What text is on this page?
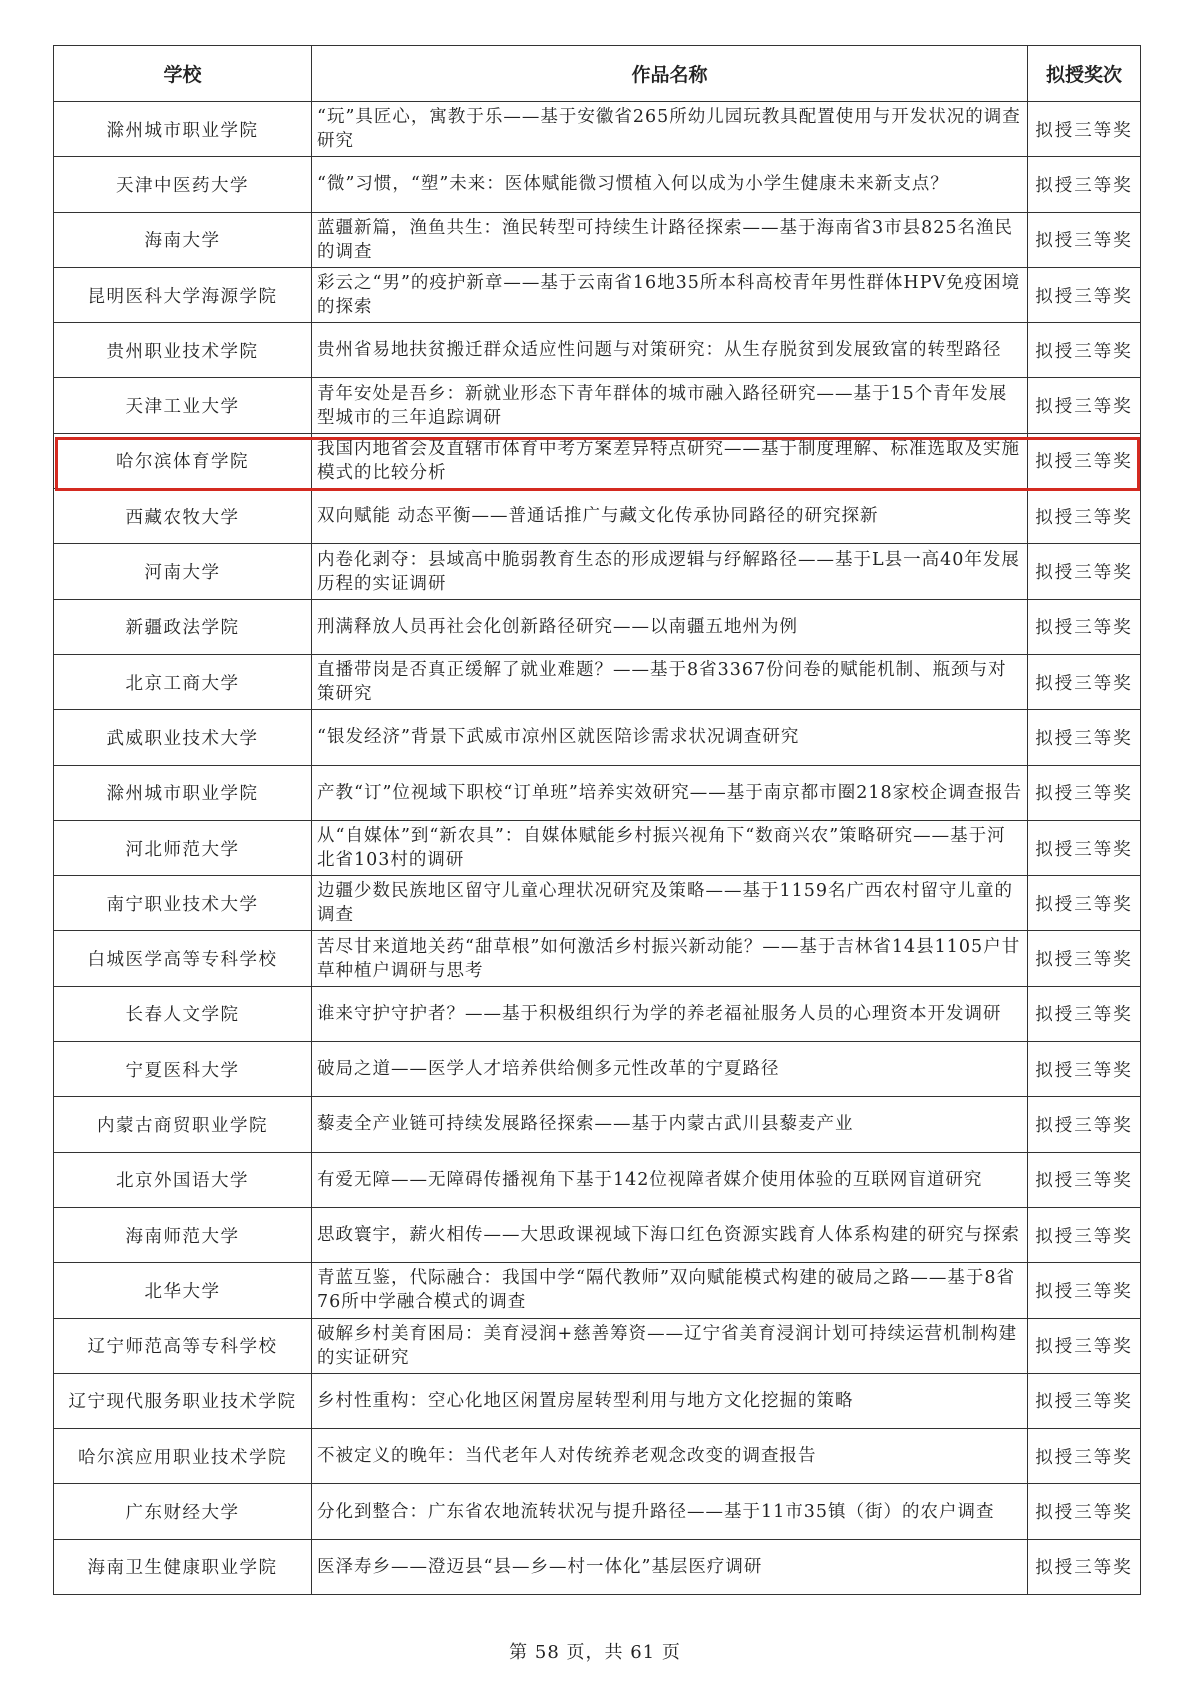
学校	作品名称	拟授奖次
滁州城市职业学院	“玩”具匠心，寓教于乐——基于安徽省265所幼儿园玩教具配置使用与开发状况的调查研究	拟授三等奖
天津中医药大学	“微”习惯，“塑”未来：医体赋能微习惯植入何以成为小学生健康未来新支点？	拟授三等奖
海南大学	蓝疆新篇，渔鱼共生：渔民转型可持续生计路径探索——基于海南省3市县825名渔民的调查	拟授三等奖
昆明医科大学海源学院	彩云之“男”的疫护新章——基于云南省16地35所本科高校青年男性群体HPV免疫困境的探索	拟授三等奖
贵州职业技术学院	贵州省易地扶贫搬迁群众适应性问题与对策研究：从生存脱贫到发展致富的转型路径	拟授三等奖
天津工业大学	青年安处是吾乡：新就业形态下青年群体的城市融入路径研究——基于15个青年发展型城市的三年追踪调研	拟授三等奖
哈尔滨体育学院	我国内地省会及直辖市体育中考方案差异特点研究——基于制度理解、标准选取及实施模式的比较分析	拟授三等奖
西藏农牧大学	双向赋能 动态平衡——普通话推广与藏文化传承协同路径的研究探新	拟授三等奖
河南大学	内卷化剥夺：县域高中脆弱教育生态的形成逻辑与纾解路径——基于L县一高40年发展历程的实证调研	拟授三等奖
新疆政法学院	刑满释放人员再社会化创新路径研究——以南疆五地州为例	拟授三等奖
北京工商大学	直播带岗是否真正缓解了就业难题？——基于8省3367份问卷的赋能机制、瓶颈与对策研究	拟授三等奖
武威职业技术大学	“银发经济”背景下武威市凉州区就医陪诊需求状况调查研究	拟授三等奖
滁州城市职业学院	产教“订”位视域下职校“订单班”培养实效研究——基于南京都市圈218家校企调查报告	拟授三等奖
河北师范大学	从“自媒体”到“新农具”：自媒体赋能乡村振兴视角下“数商兴农”策略研究——基于河北省103村的调研	拟授三等奖
南宁职业技术大学	边疆少数民族地区留守儿童心理状况研究及策略——基于1159名广西农村留守儿童的调查	拟授三等奖
白城医学高等专科学校	苦尽甘来道地关药“甜草根”如何激活乡村振兴新动能？——基于吉林省14县1105户甘草种植户调研与思考	拟授三等奖
长春人文学院	谁来守护守护者？——基于积极组织行为学的养老福祉服务人员的心理资本开发调研	拟授三等奖
宁夏医科大学	破局之道——医学人才培养供给侧多元性改革的宁夏路径	拟授三等奖
内蒙古商贸职业学院	藜麦全产业链可持续发展路径探索——基于内蒙古武川县藜麦产业	拟授三等奖
北京外国语大学	有爱无障——无障碍传播视角下基于142位视障者媒介使用体验的互联网盲道研究	拟授三等奖
海南师范大学	思政寰宇，薪火相传——大思政课视域下海口红色资源实践育人体系构建的研究与探索	拟授三等奖
北华大学	青蓝互鉴，代际融合：我国中学“隔代教师”双向赋能模式构建的破局之路——基于8省76所中学融合模式的调查	拟授三等奖
辽宁师范高等专科学校	破解乡村美育困局：美育浸润+慈善筹资——辽宁省美育浸润计划可持续运营机制构建的实证研究	拟授三等奖
辽宁现代服务职业技术学院	乡村性重构：空心化地区闲置房屋转型利用与地方文化挖掘的策略	拟授三等奖
哈尔滨应用职业技术学院	不被定义的晚年：当代老年人对传统养老观念改变的调查报告	拟授三等奖
广东财经大学	分化到整合：广东省农地流转状况与提升路径——基于11市35镇（街）的农户调查	拟授三等奖
海南卫生健康职业学院	医泽寿乡——澄迈县“县—乡—村一体化”基层医疗调研	拟授三等奖
第 58 页，共 61 页
